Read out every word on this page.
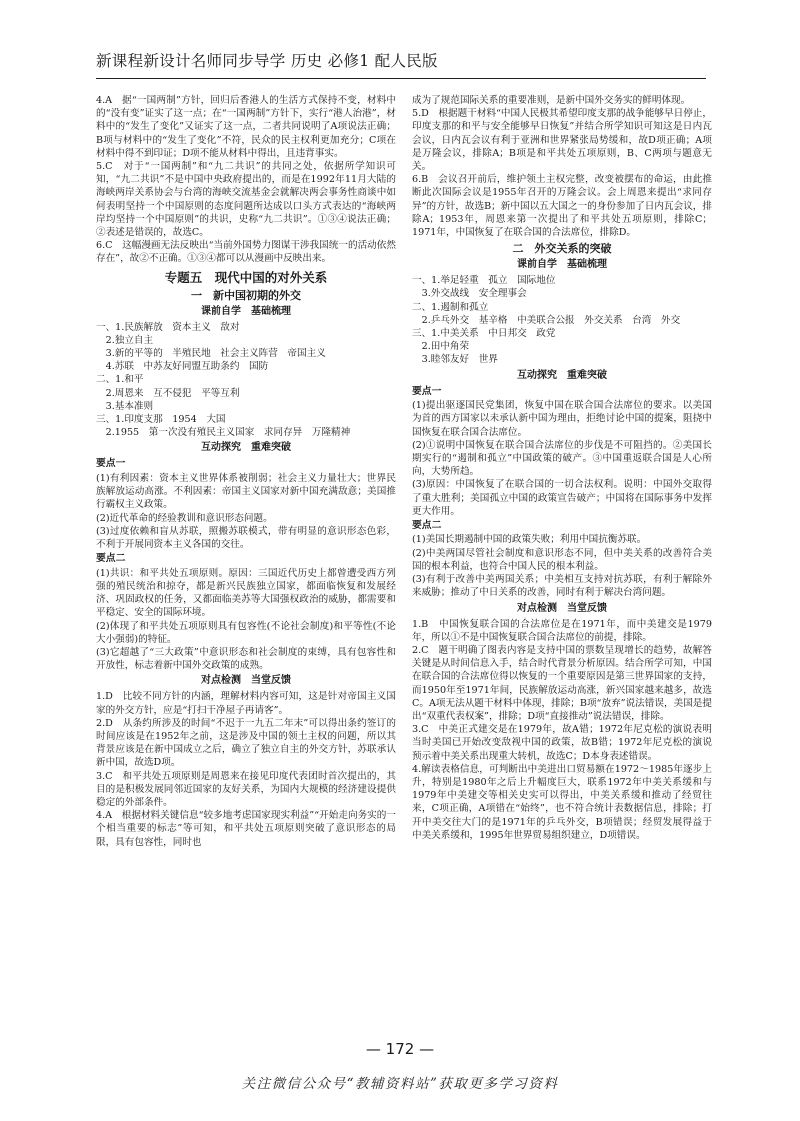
新课程新设计名师同步导学 历史 必修1 配人民版
4.A　据“一国两制”方针，回归后香港人的生活方式保持不变，材料中的“没有变”证实了这一点；在“一国两制”方针下，实行“港人治港”，材料中的“发生了变化”又证实了这一点，二者共同说明了A项说法正确；B项与材料中的“发生了变化”不符，民众的民主权利更加充分；C项在材料中得不到印证；D项不能从材料中得出，且违背事实。
5.C　对于“一国两制”和“九二共识”的共同之处，依据所学知识可知，“九二共识”不是中国中央政府提出的，而是在1992年11月大陆的海峡两岸关系协会与台湾的海峡交流基金会就解决两会事务性商谈中如何表明坚持一个中国原则的态度问题所达成以口头方式表达的“海峡两岸均坚持一个中国原则”的共识，史称“九二共识”。①③④说法正确；②表述是错误的，故选C。
6.C　这幅漫画无法反映出“当前外国势力图谋干涉我国统一的活动依然存在”，故②不正确。①③④都可以从漫画中反映出来。
专题五　现代中国的对外关系
一　新中国初期的外交
课前自学　基础梳理
一、1.民族解放　资本主义　敌对
　2.独立自主
　3.新的平等的　半殖民地　社会主义阵营　帝国主义
　4.苏联　中苏友好同盟互助条约　国防
二、1.和平
　2.周恩来　互不侵犯　平等互利
　3.基本准则
三、1.印度支那　1954　大国
　2.1955　第一次没有殖民主义国家　求同存异　万隆精神
互动探究　重难突破
要点一
(1)有利因素：资本主义世界体系被削弱；社会主义力量壮大；世界民族解放运动高涨。不利因素：帝国主义国家对新中国充满敌意；美国推行霸权主义政策。
(2)近代革命的经验教训和意识形态问题。
(3)过度依赖和盲从苏联，照搬苏联模式，带有明显的意识形态色彩，不利于开展同资本主义各国的交往。
要点二
(1)共识：和平共处五项原则。原因：三国近代历史上都曾遭受西方列强的殖民统治和掠夺，都是新兴民族独立国家，都面临恢复和发展经济、巩固政权的任务，又都面临美苏等大国强权政治的威胁，都需要和平稳定、安全的国际环境。
(2)体现了和平共处五项原则具有包容性(不论社会制度)和平等性(不论大小强弱)的特征。
(3)它超越了“三大政策”中意识形态和社会制度的束缚，具有包容性和开放性，标志着新中国外交政策的成熟。
对点检测　当堂反馈
1.D　比较不同方针的内涵，理解材料内容可知，这是针对帝国主义国家的外交方针，应是“打扫干净屋子再请客”。
2.D　从条约所涉及的时间“不迟于一九五二年末”可以得出条约签订的时间应该是在1952年之前，这是涉及中国的领土主权的问题，所以其背景应该是在新中国成立之后，确立了独立自主的外交方针，苏联承认新中国，故选D项。
3.C　和平共处五项原则是周恩来在接见印度代表团时首次提出的，其目的是积极发展同邻近国家的友好关系，为国内大规模的经济建设提供稳定的外部条件。
4.A　根据材料关键信息“较多地考虑国家现实利益”“开始走向务实的一个相当重要的标志”等可知，和平共处五项原则突破了意识形态的局限，具有包容性，同时也
成为了规范国际关系的重要准则，是新中国外交务实的鲜明体现。
5.D　根据题干材料“中国人民极其希望印度支那的战争能够早日停止，印度支那的和平与安全能够早日恢复”并结合所学知识可知这是日内瓦会议，日内瓦会议有利于亚洲和世界紧张局势缓和，故D项正确；A项是万隆会议，排除A；B项是和平共处五项原则，B、C两项与题意无关。
6.B　会议召开前后，维护领土主权完整，改变被摆布的命运，由此推断此次国际会议是1955年召开的万隆会议。会上周恩来提出“求同存异”的方针，故选B；新中国以五大国之一的身份参加了日内瓦会议，排除A；1953年，周恩来第一次提出了和平共处五项原则，排除C；1971年，中国恢复了在联合国的合法席位，排除D。
二　外交关系的突破
课前自学　基础梳理
一、1.举足轻重　孤立　国际地位
　3.外交战线　安全理事会
二、1.遏制和孤立
　2.乒乓外交　基辛格　中美联合公报　外交关系　台湾　外交
三、1.中美关系　中日邦交　政党
　2.田中角荣
　3.睦邻友好　世界
互动探究　重难突破
要点一
(1)提出驱逐国民党集团，恢复中国在联合国合法席位的要求。以美国为首的西方国家以未承认新中国为理由，拒绝讨论中国的提案，阻挠中国恢复在联合国合法席位。
(2)①说明中国恢复在联合国合法席位的步伐是不可阻挡的。②美国长期实行的“遏制和孤立”中国政策的破产。③中国重返联合国是人心所向，大势所趋。
(3)原因：中国恢复了在联合国的一切合法权利。说明：中国外交取得了重大胜利；美国孤立中国的政策宣告破产；中国将在国际事务中发挥更大作用。
要点二
(1)美国长期遏制中国的政策失败；利用中国抗衡苏联。
(2)中美两国尽管社会制度和意识形态不同，但中美关系的改善符合美国的根本利益，也符合中国人民的根本利益。
(3)有利于改善中美两国关系；中美相互支持对抗苏联，有利于解除外来威胁；推动了中日关系的改善，同时有利于解决台湾问题。
对点检测　当堂反馈
1.B　中国恢复联合国的合法席位是在1971年，而中美建交是1979年，所以①不是中国恢复联合国合法席位的前提，排除。
2.C　题干明确了图表内容是支持中国的票数呈现增长的趋势，故解答关键是从时间信息入手，结合时代背景分析原因。结合所学可知，中国在联合国的合法席位得以恢复的一个重要原因是第三世界国家的支持，而1950年至1971年间，民族解放运动高涨，新兴国家越来越多，故选C。A项无法从题干材料中体现，排除；B项“放弃”说法错误，美国是提出“双重代表权案”，排除；D项“直接推动”说法错误，排除。
3.C　中美正式建交是在1979年，故A错；1972年尼克松的演说表明当时美国已开始改变敌视中国的政策，故B错；1972年尼克松的演说预示着中美关系出现重大转机，故选C；D本身表述错误。
4.解读表格信息，可判断出中美进出口贸易额在1972～1985年逐步上升，特别是1980年之后上升幅度巨大，联系1972年中美关系缓和与1979年中美建交等相关史实可以得出，中美关系缓和推动了经贸往来，C项正确，A项错在“始终”，也不符合统计表数据信息，排除；打开中美交往大门的是1971年的乒乓外交，B项错误；经贸发展得益于中美关系缓和，1995年世界贸易组织建立，D项错误。
— 172 —
关注微信公众号“教辅资料站”获取更多学习资料
